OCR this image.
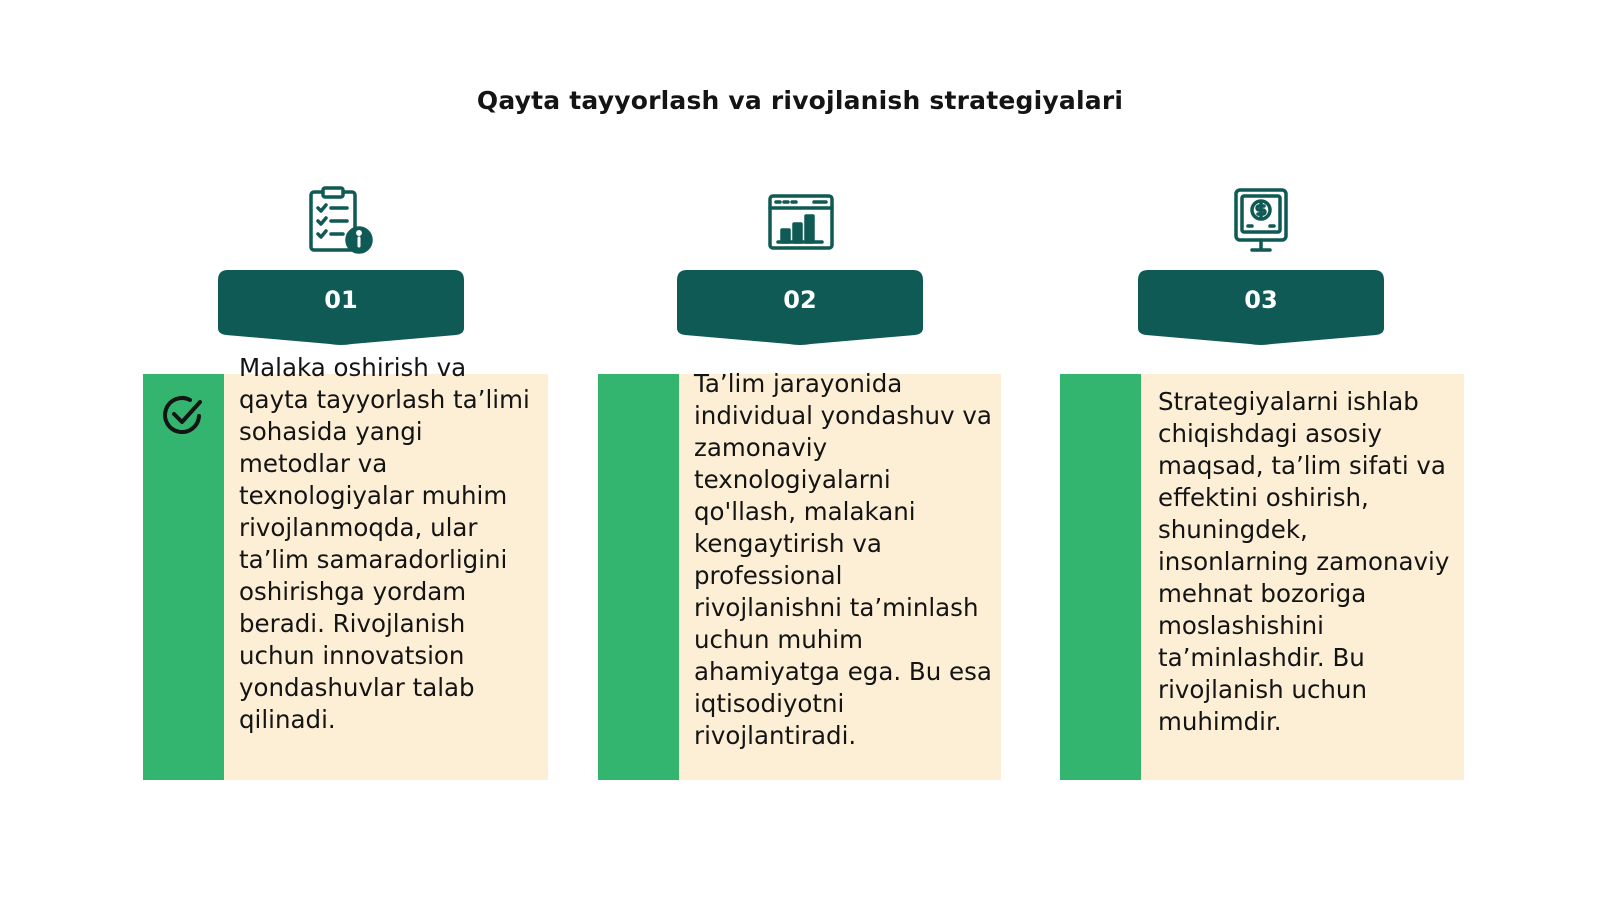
Qayta tayyorlash va rivojlanish strategiyalari
01
Malaka oshirish va qayta tayyorlash ta’limi sohasida yangi metodlar va texnologiyalar muhim rivojlanmoqda, ular ta’lim samaradorligini oshirishga yordam beradi. Rivojlanish uchun innovatsion yondashuvlar talab qilinadi.
02
Ta’lim jarayonida individual yondashuv va zamonaviy texnologiyalarni qo'llash, malakani kengaytirish va professional rivojlanishni ta’minlash uchun muhim ahamiyatga ega. Bu esa iqtisodiyotni rivojlantiradi.
03
Strategiyalarni ishlab chiqishdagi asosiy maqsad, ta’lim sifati va effektini oshirish, shuningdek, insonlarning zamonaviy mehnat bozoriga moslashishini ta’minlashdir. Bu rivojlanish uchun muhimdir.
